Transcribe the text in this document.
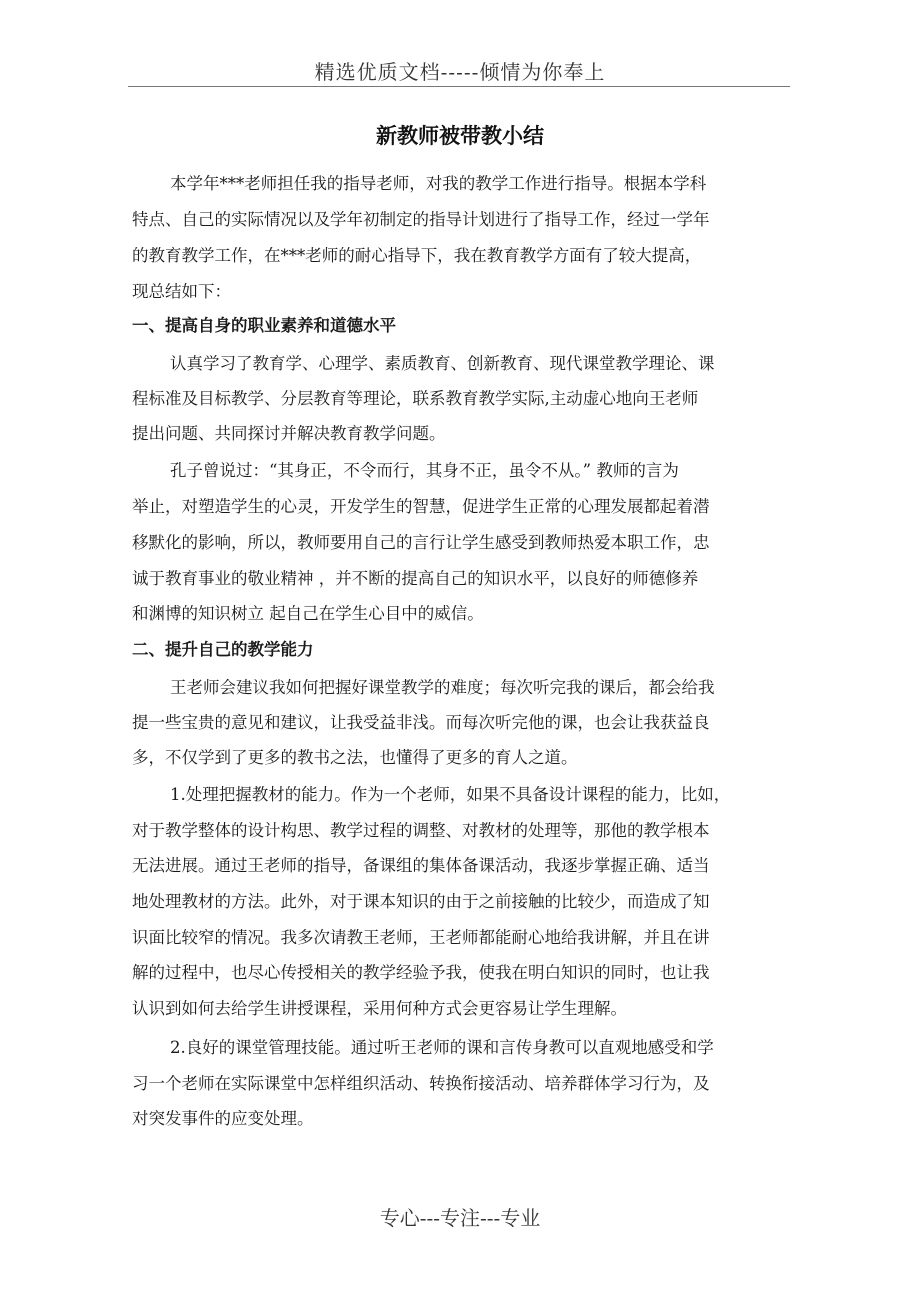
精选优质文档-----倾情为你奉上
新教师被带教小结
本学年***老师担任我的指导老师，对我的教学工作进行指导。根据本学科
特点、自己的实际情况以及学年初制定的指导计划进行了指导工作，经过一学年
的教育教学工作，在***老师的耐心指导下，我在教育教学方面有了较大提高，
现总结如下：
一、提高自身的职业素养和道德水平
认真学习了教育学、心理学、素质教育、创新教育、现代课堂教学理论、课
程标准及目标教学、分层教育等理论，联系教育教学实际,主动虚心地向王老师
提出问题、共同探讨并解决教育教学问题。
孔子曾说过：“其身正，不令而行，其身不正，虽令不从。” 教师的言为
举止，对塑造学生的心灵，开发学生的智慧，促进学生正常的心理发展都起着潜
移默化的影响，所以，教师要用自己的言行让学生感受到教师热爱本职工作，忠
诚于教育事业的敬业精神 ，并不断的提高自己的知识水平，以良好的师德修养
和渊博的知识树立 起自己在学生心目中的威信。
二、提升自己的教学能力
王老师会建议我如何把握好课堂教学的难度；每次听完我的课后，都会给我
提一些宝贵的意见和建议，让我受益非浅。而每次听完他的课，也会让我获益良
多，不仅学到了更多的教书之法，也懂得了更多的育人之道。
1.处理把握教材的能力。作为一个老师，如果不具备设计课程的能力，比如，
对于教学整体的设计构思、教学过程的调整、对教材的处理等，那他的教学根本
无法进展。通过王老师的指导，备课组的集体备课活动，我逐步掌握正确、适当
地处理教材的方法。此外，对于课本知识的由于之前接触的比较少，而造成了知
识面比较窄的情况。我多次请教王老师，王老师都能耐心地给我讲解，并且在讲
解的过程中，也尽心传授相关的教学经验予我，使我在明白知识的同时，也让我
认识到如何去给学生讲授课程，采用何种方式会更容易让学生理解。
2.良好的课堂管理技能。通过听王老师的课和言传身教可以直观地感受和学
习一个老师在实际课堂中怎样组织活动、转换衔接活动、培养群体学习行为，及
对突发事件的应变处理。
专心---专注---专业
